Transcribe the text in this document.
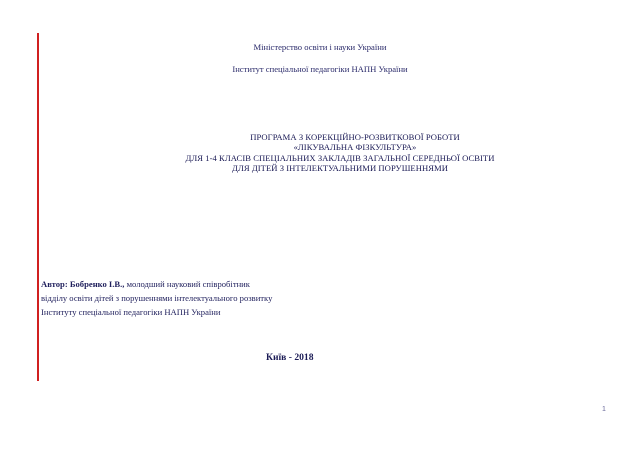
Міністерство освіти і науки України
Інститут спеціальної педагогіки НАПН України
ПРОГРАМА З КОРЕКЦІЙНО-РОЗВИТКОВОЇ РОБОТИ
«ЛІКУВАЛЬНА ФІЗКУЛЬТУРА»
ДЛЯ 1-4 КЛАСІВ СПЕЦІАЛЬНИХ ЗАКЛАДІВ ЗАГАЛЬНОЇ СЕРЕДНЬОЇ ОСВІТИ
ДЛЯ ДІТЕЙ З ІНТЕЛЕКТУАЛЬНИМИ ПОРУШЕННЯМИ
Автор: Бобренко І.В., молодший науковий співробітник
відділу освіти дітей з порушеннями інтелектуального розвитку
Інституту спеціальної педагогіки НАПН України
Київ - 2018
1
